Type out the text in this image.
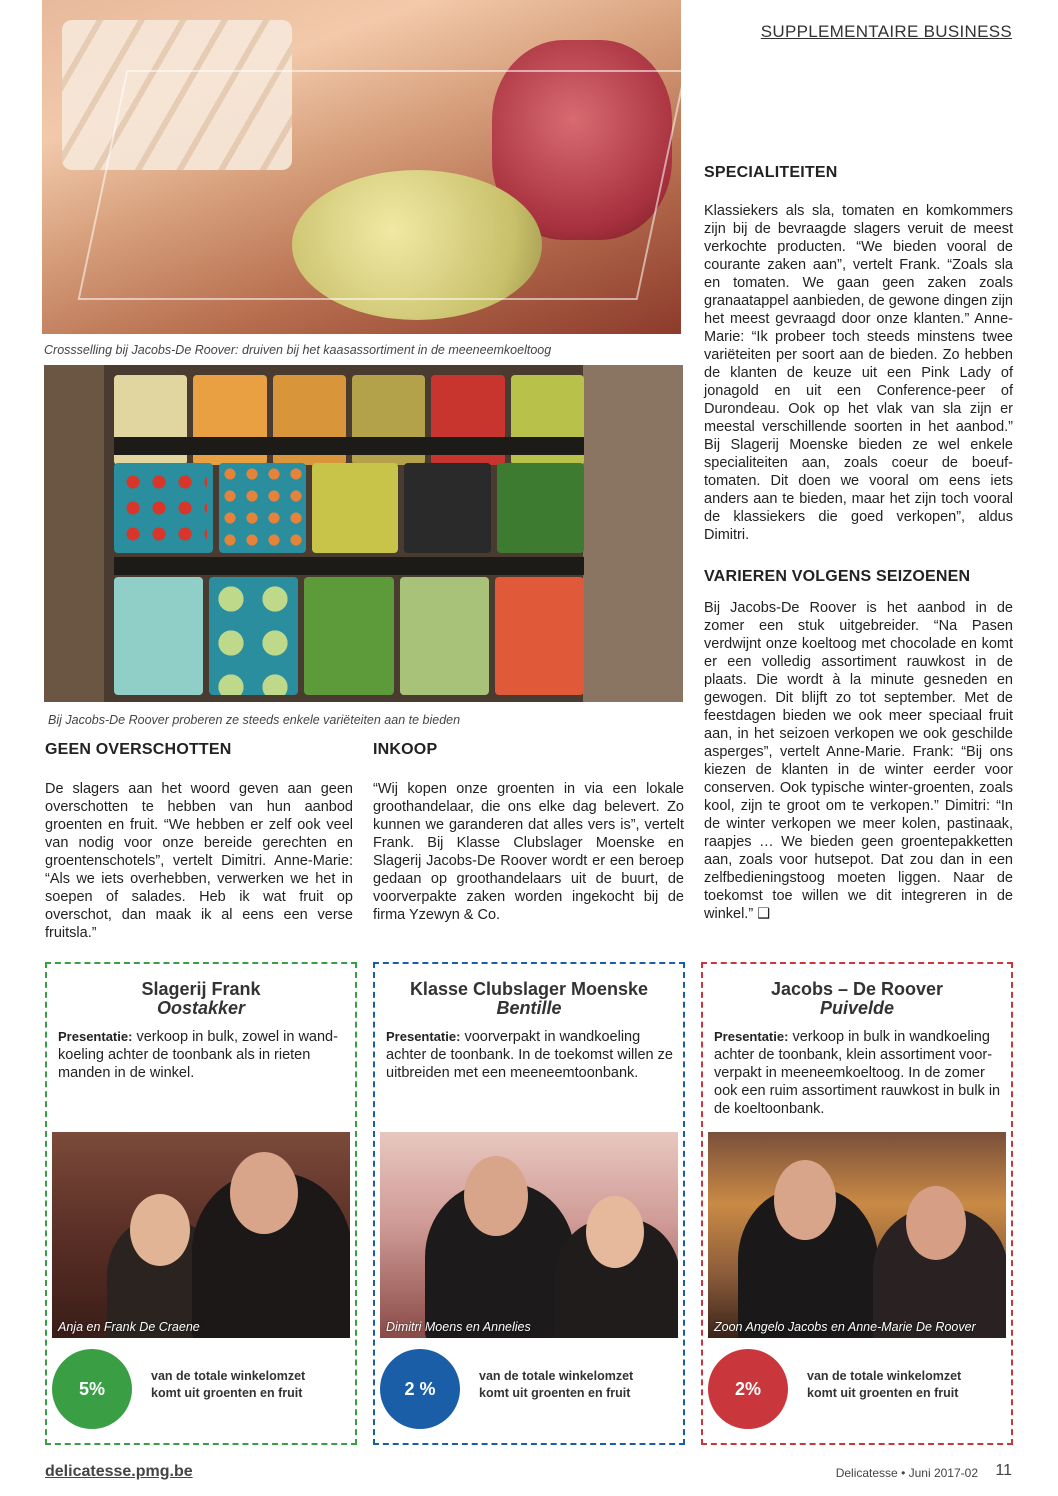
SUPPLEMENTAIRE BUSINESS
Crossselling bij Jacobs-De Roover: druiven bij het kaasassortiment in de meeneemkoeltoog
Bij Jacobs-De Roover proberen ze steeds enkele variëteiten aan te bieden
GEEN OVERSCHOTTEN
De slagers aan het woord geven aan geen overschotten te hebben van hun aanbod groenten en fruit. “We hebben er zelf ook veel van nodig voor onze bereide gerechten en groentenschotels”, vertelt Dimitri. Anne-Marie: “Als we iets overhebben, verwerken we het in soepen of salades. Heb ik wat fruit op overschot, dan maak ik al eens een verse fruitsla.”
INKOOP
“Wij kopen onze groenten in via een lokale groothandelaar, die ons elke dag belevert. Zo kunnen we garanderen dat alles vers is”, vertelt Frank. Bij Klasse Clubslager Moenske en Slagerij Jacobs-De Roover wordt er een beroep gedaan op groothandelaars uit de buurt, de voorverpakte zaken worden ingekocht bij de firma Yzewyn & Co.
SPECIALITEITEN
Klassiekers als sla, tomaten en komkommers zijn bij de bevraagde slagers veruit de meest verkochte producten. “We bieden vooral de courante zaken aan”, vertelt Frank. “Zoals sla en tomaten. We gaan geen zaken zoals granaatappel aanbieden, de gewone dingen zijn het meest gevraagd door onze klanten.” Anne-Marie: “Ik probeer toch steeds minstens twee variëteiten per soort aan de bieden. Zo hebben de klanten de keuze uit een Pink Lady of jonagold en uit een Conference-peer of Durondeau. Ook op het vlak van sla zijn er meestal verschillende soorten in het aanbod.” Bij Slagerij Moenske bieden ze wel enkele specialiteiten aan, zoals coeur de boeuf-tomaten. Dit doen we vooral om eens iets anders aan te bieden, maar het zijn toch vooral de klassiekers die goed verkopen”, aldus Dimitri.
VARIEREN VOLGENS SEIZOENEN
Bij Jacobs-De Roover is het aanbod in de zomer een stuk uitgebreider. “Na Pasen verdwijnt onze koeltoog met chocolade en komt er een volledig assortiment rauwkost in de plaats. Die wordt à la minute gesneden en gewogen. Dit blijft zo tot september. Met de feestdagen bieden we ook meer speciaal fruit aan, in het seizoen verkopen we ook geschilde asperges”, vertelt Anne-Marie. Frank: “Bij ons kiezen de klanten in de winter eerder voor conserven. Ook typische winter-groenten, zoals kool, zijn te groot om te verkopen.” Dimitri: “In de winter verkopen we meer kolen, pastinaak, raapjes … We bieden geen groentepakketten aan, zoals voor hutsepot. Dat zou dan in een zelfbedieningstoog moeten liggen. Naar de toekomst toe willen we dit integreren in de winkel.” ❑
Slagerij Frank
Oostakker
Presentatie: verkoop in bulk, zowel in wand-koeling achter de toonbank als in rieten manden in de winkel.
Anja en Frank De Craene
5%
van de totale winkelomzet
komt uit groenten en fruit
Klasse Clubslager Moenske
Bentille
Presentatie: voorverpakt in wandkoeling achter de toonbank. In de toekomst willen ze uitbreiden met een meeneemtoonbank.
Dimitri Moens en Annelies
2 %
van de totale winkelomzet
komt uit groenten en fruit
Jacobs – De Roover
Puivelde
Presentatie: verkoop in bulk in wandkoeling achter de toonbank, klein assortiment voor-verpakt in meeneemkoeltoog. In de zomer ook een ruim assortiment rauwkost in bulk in de koeltoonbank.
Zoon Angelo Jacobs en Anne-Marie De Roover
2%
van de totale winkelomzet
komt uit groenten en fruit
delicatesse.pmg.be	Delicatesse • Juni 2017-02 11
